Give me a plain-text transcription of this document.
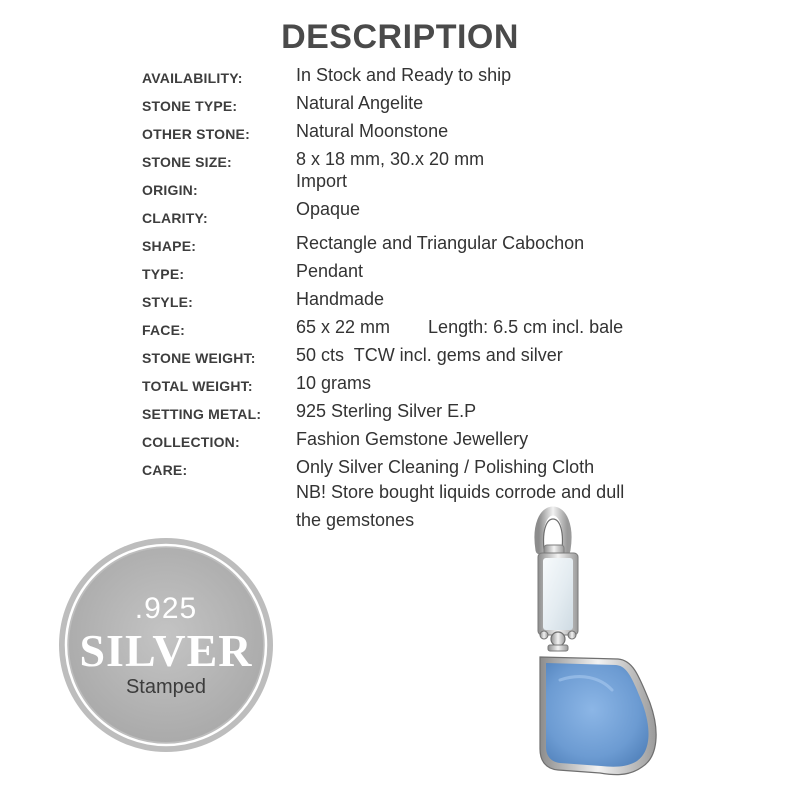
DESCRIPTION
AVAILABILITY:	In Stock and Ready to ship
STONE TYPE:	Natural Angelite
OTHER STONE:	Natural Moonstone
STONE SIZE:	8 x 18 mm, 30.x 20 mm
ORIGIN:	Import
CLARITY:	Opaque
SHAPE:	Rectangle and Triangular Cabochon
TYPE:	Pendant
STYLE:	Handmade
FACE:	65 x 22 mm Length: 6.5 cm incl. bale
STONE WEIGHT: 50 cts  TCW incl. gems and silver
TOTAL WEIGHT: 10 grams
SETTING METAL: 925 Sterling Silver E.P
COLLECTION:	Fashion Gemstone Jewellery
CARE:	Only Silver Cleaning / Polishing Cloth
NB! Store bought liquids corrode and dull
the gemstones
.925
SILVER
Stamped
